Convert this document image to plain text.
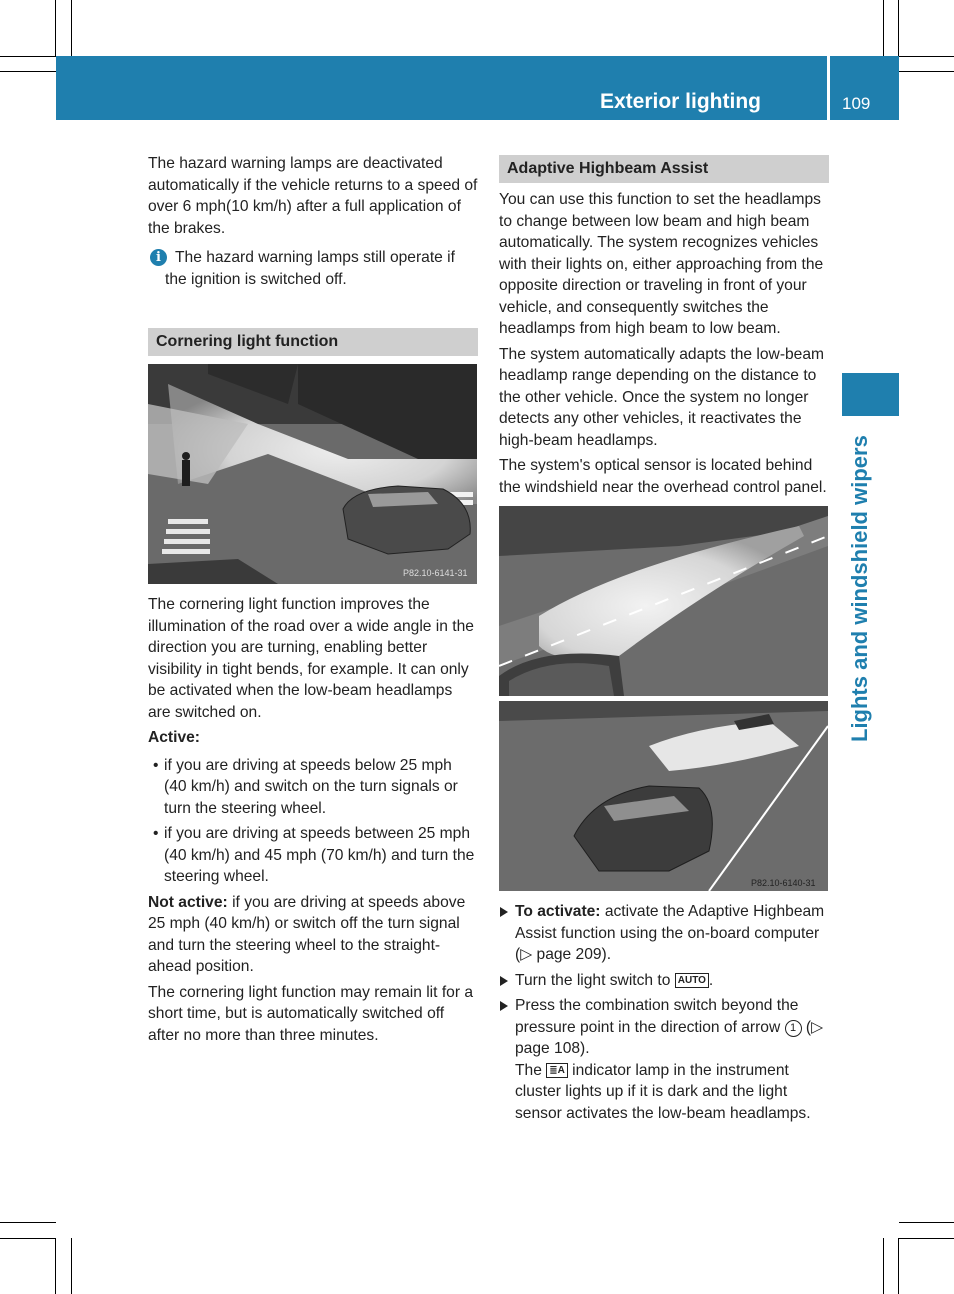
Exterior lighting	109
Lights and windshield wipers

The hazard warning lamps are deactivated automatically if the vehicle returns to a speed of over 6 mph(10 km/h) after a full application of the brakes.

i The hazard warning lamps still operate if the ignition is switched off.
Cornering light function
P82.10-6141-31

The cornering light function improves the illumination of the road over a wide angle in the direction you are turning, enabling better visibility in tight bends, for example. It can only be activated when the low-beam headlamps are switched on.

Active:

• if you are driving at speeds below 25 mph (40 km/h) and switch on the turn signals or turn the steering wheel.
• if you are driving at speeds between 25 mph (40 km/h) and 45 mph (70 km/h) and turn the steering wheel.

Not active: if you are driving at speeds above 25 mph (40 km/h) or switch off the turn signal and turn the steering wheel to the straight-ahead position.

The cornering light function may remain lit for a short time, but is automatically switched off after no more than three minutes.

Adaptive Highbeam Assist

You can use this function to set the headlamps to change between low beam and high beam automatically. The system recognizes vehicles with their lights on, either approaching from the opposite direction or traveling in front of your vehicle, and consequently switches the headlamps from high beam to low beam.

The system automatically adapts the low-beam headlamp range depending on the distance to the other vehicle. Once the system no longer detects any other vehicles, it reactivates the high-beam headlamps.

The system's optical sensor is located behind the windshield near the overhead control panel.

P82.10-6140-31
To activate: activate the Adaptive Highbeam Assist function using the on-board computer (▷ page 209).
Turn the light switch to AUTO .
Press the combination switch beyond the pressure point in the direction of arrow 1 (▷ page 108).
The ≣A indicator lamp in the instrument cluster lights up if it is dark and the light sensor activates the low-beam headlamps.
